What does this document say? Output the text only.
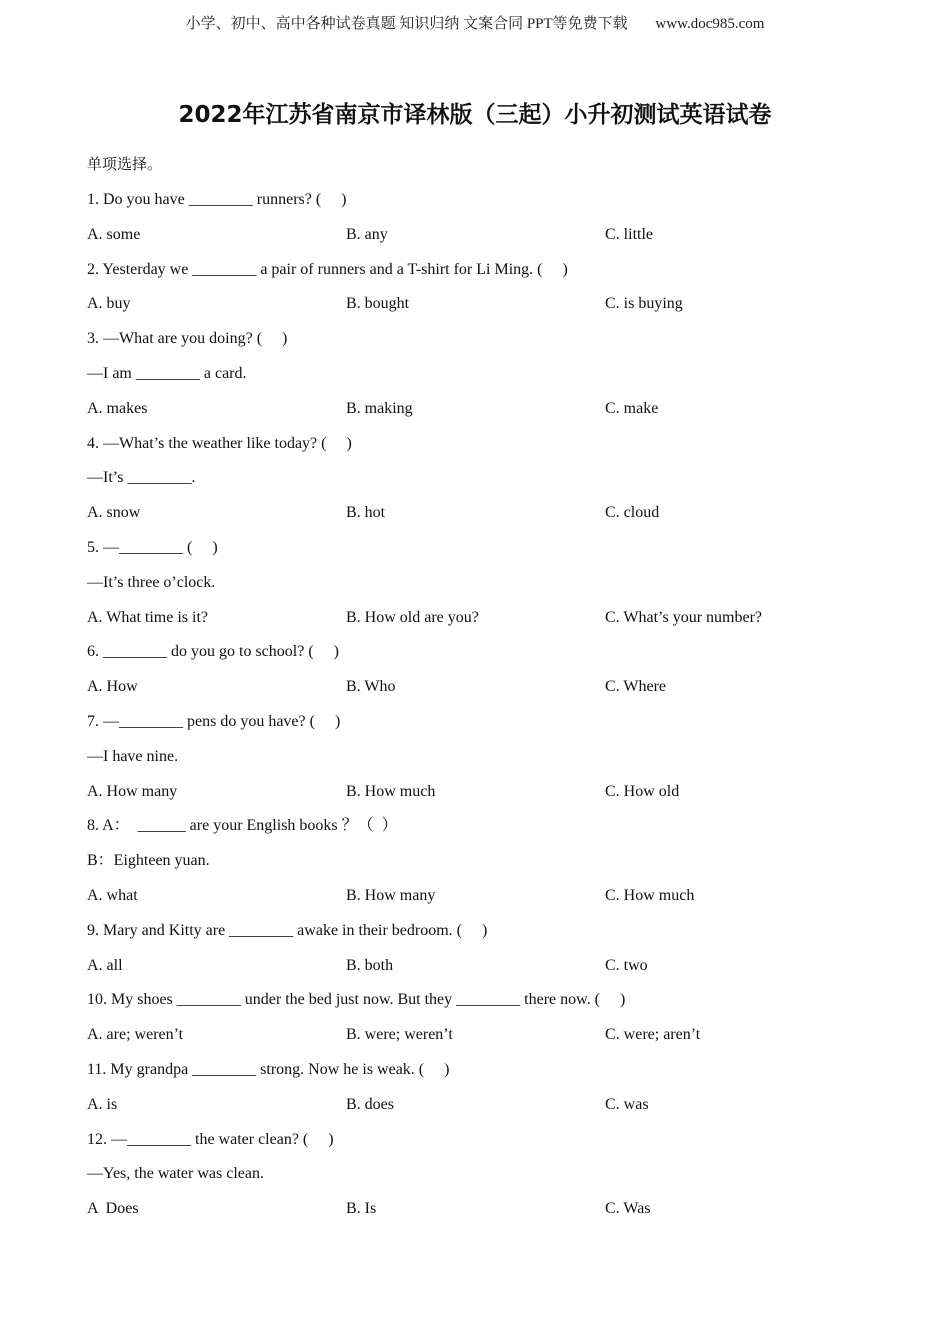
小学、初中、高中各种试卷真题 知识归纳 文案合同 PPT等免费下载 www.doc985.com
2022年江苏省南京市译林版（三起）小升初测试英语试卷
单项选择。
1. Do you have ________ runners? (     )
A. some	B. any	C. little
2. Yesterday we ________ a pair of runners and a T-shirt for Li Ming. (     )
A. buy	B. bought	C. is buying
3. —What are you doing? (     )
—I am ________ a card.
A. makes	B. making	C. make
4. —What’s the weather like today? (     )
—It’s ________.
A. snow	B. hot	C. cloud
5. —________ (     )
—It’s three o’clock.
A. What time is it?	B. How old are you?	C. What’s your number?
6. ________ do you go to school? (     )
A. How	B. Who	C. Where
7. —________ pens do you have? (     )
—I have nine.
A. How many	B. How much	C. How old
8. A：  ______ are your English books ？（  ）
B：Eighteen yuan.
A. what	B. How many	C. How much
9. Mary and Kitty are ________ awake in their bedroom. (     )
A. all	B. both	C. two
10. My shoes ________ under the bed just now. But they ________ there now. (     )
A. are; weren’t	B. were; weren’t	C. were; aren’t
11. My grandpa ________ strong. Now he is weak. (     )
A. is	B. does	C. was
12. —________ the water clean? (     )
—Yes, the water was clean.
A  Does	B. Is	C. Was
